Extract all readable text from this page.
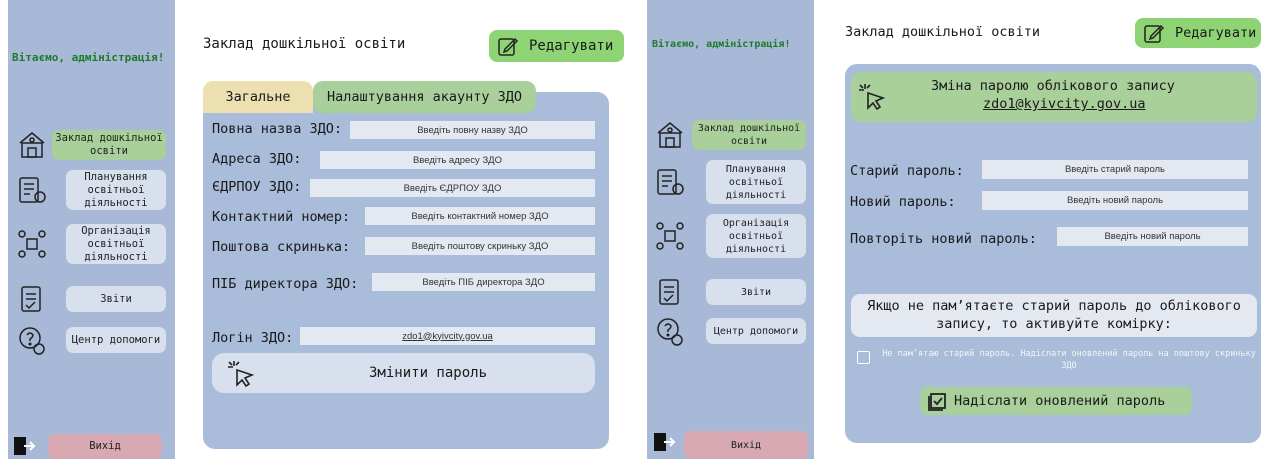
Вітаємо, адміністрація!
Заклад дошкільної освіти
Планування освітньої діяльності
Організація освітньої діяльності
Звіти
Центр допомоги
Вихід
Заклад дошкільної освіти	Редагувати
Загальне	Налаштування акаунту ЗДО
Повна назва ЗДО:	Введіть повну назву ЗДО
Адреса ЗДО:	Введіть адресу ЗДО
ЄДРПОУ ЗДО:	Введіть ЄДРПОУ ЗДО
Контактний номер:	Введіть контактний номер ЗДО
Поштова скринька:	Введіть поштову скриньку ЗДО
ПІБ директора ЗДО:	Введіть ПІБ директора ЗДО
Логін ЗДО:	zdo1@kyivcity.gov.ua
Змінити пароль
Вітаємо, адміністрація!
Заклад дошкільної освіти
Планування освітньої діяльності
Організація освітньої діяльності
Звіти
Центр допомоги
Вихід
Заклад дошкільної освіти	Редагувати
Зміна паролю облікового запису
zdo1@kyivcity.gov.ua
Старий пароль:	Введіть старий пароль
Новий пароль:	Введіть новий пароль
Повторіть новий пароль:	Введіть новий пароль
Якщо не пам’ятаєте старий пароль до облікового запису, то активуйте комірку:
Не пам’ятаю старий пароль. Надіслати оновлений пароль на поштову скриньку ЗДО
Надіслати оновлений пароль
